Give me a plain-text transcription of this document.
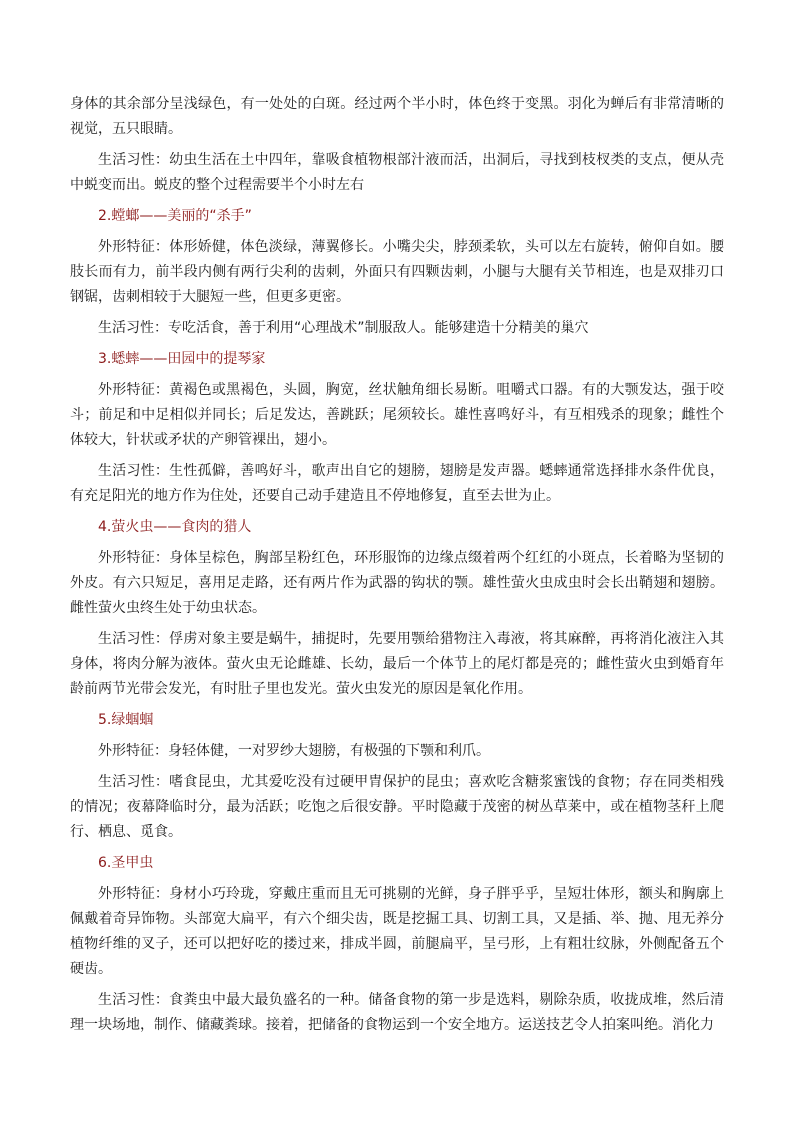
身体的其余部分呈浅绿色，有一处处的白斑。经过两个半小时，体色终于变黑。羽化为蝉后有非常清晰的视觉，五只眼睛。

生活习性：幼虫生活在土中四年，靠吸食植物根部汁液而活，出洞后，寻找到枝杈类的支点，便从壳中蜕变而出。蜕皮的整个过程需要半个小时左右

2.螳螂——美丽的“杀手”

外形特征：体形娇健，体色淡绿，薄翼修长。小嘴尖尖，脖颈柔软，头可以左右旋转，俯仰自如。腰肢长而有力，前半段内侧有两行尖利的齿刺，外面只有四颗齿刺，小腿与大腿有关节相连，也是双排刃口钢锯，齿刺相较于大腿短一些，但更多更密。

生活习性：专吃活食，善于利用“心理战术”制服敌人。能够建造十分精美的巢穴

3.蟋蟀——田园中的提琴家

外形特征：黄褐色或黑褐色，头圆，胸宽，丝状触角细长易断。咀嚼式口器。有的大颚发达，强于咬斗；前足和中足相似并同长；后足发达，善跳跃；尾须较长。雄性喜鸣好斗，有互相残杀的现象；雌性个体较大，针状或矛状的产卵管裸出，翅小。

生活习性：生性孤僻，善鸣好斗，歌声出自它的翅膀，翅膀是发声器。蟋蟀通常选择排水条件优良，有充足阳光的地方作为住处，还要自己动手建造且不停地修复，直至去世为止。

4.萤火虫——食肉的猎人

外形特征：身体呈棕色，胸部呈粉红色，环形服饰的边缘点缀着两个红红的小斑点，长着略为坚韧的外皮。有六只短足，喜用足走路，还有两片作为武器的钩状的颚。雄性萤火虫成虫时会长出鞘翅和翅膀。雌性萤火虫终生处于幼虫状态。

生活习性：俘虏对象主要是蜗牛，捕捉时，先要用颚给猎物注入毒液，将其麻醉，再将消化液注入其身体，将肉分解为液体。萤火虫无论雌雄、长幼，最后一个体节上的尾灯都是亮的；雌性萤火虫到婚育年龄前两节光带会发光，有时肚子里也发光。萤火虫发光的原因是氧化作用。

5.绿蝈蝈

外形特征：身轻体健，一对罗纱大翅膀，有极强的下颚和利爪。

生活习性：嗜食昆虫，尤其爱吃没有过硬甲胄保护的昆虫；喜欢吃含糖浆蜜饯的食物；存在同类相残的情况；夜幕降临时分，最为活跃；吃饱之后很安静。平时隐藏于茂密的树丛草莱中，或在植物茎秆上爬行、栖息、觅食。

6.圣甲虫

外形特征：身材小巧玲珑，穿戴庄重而且无可挑剔的光鲜，身子胖乎乎，呈短壮体形，额头和胸廓上佩戴着奇异饰物。头部宽大扁平，有六个细尖齿，既是挖掘工具、切割工具，又是插、举、抛、甩无养分植物纤维的叉子，还可以把好吃的搂过来，排成半圆，前腿扁平，呈弓形，上有粗壮纹脉，外侧配备五个硬齿。

生活习性：食粪虫中最大最负盛名的一种。储备食物的第一步是选料，剔除杂质，收拢成堆，然后清理一块场地，制作、储藏粪球。接着，把储备的食物运到一个安全地方。运送技艺令人拍案叫绝。消化力
